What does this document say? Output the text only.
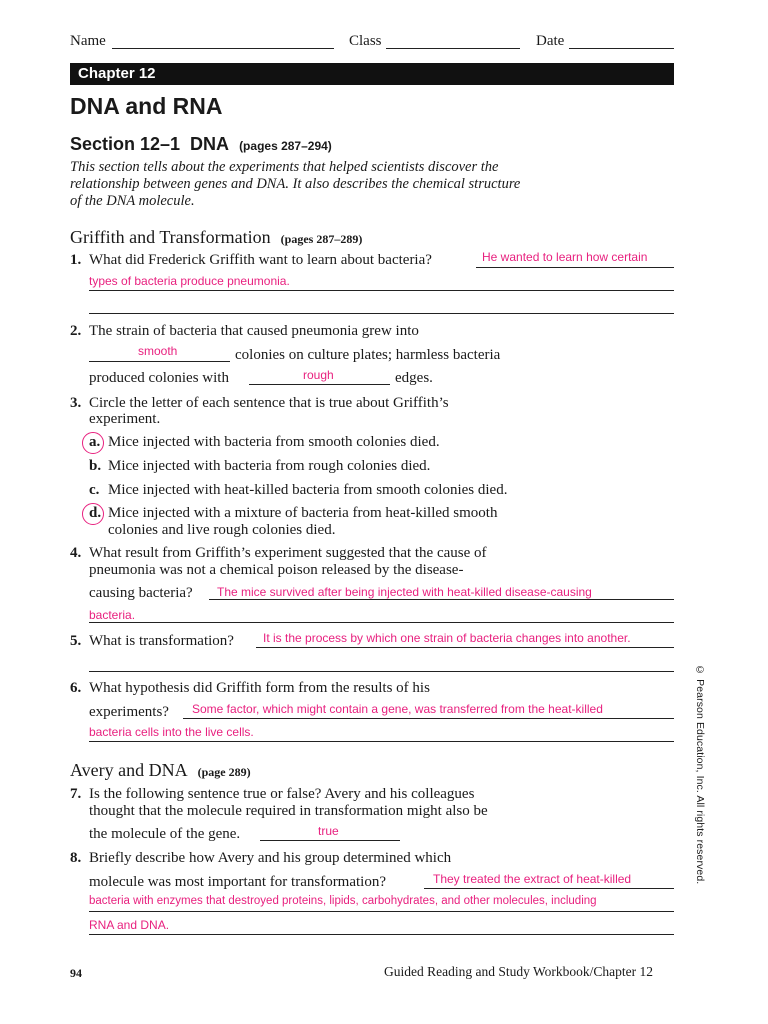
Name	Class	Date
Chapter 12
DNA and RNA
Section 12–1  DNA (pages 287–294)
This section tells about the experiments that helped scientists discover the
relationship between genes and DNA. It also describes the chemical structure
of the DNA molecule.
Griffith and Transformation (pages 287–289)
1. What did Frederick Griffith want to learn about bacteria?	He wanted to learn how certain
types of bacteria produce pneumonia.
2. The strain of bacteria that caused pneumonia grew into
smooth	colonies on culture plates; harmless bacteria
produced colonies with	rough	edges.
3. Circle the letter of each sentence that is true about Griffith’s
experiment.
a. Mice injected with bacteria from smooth colonies died.
b. Mice injected with bacteria from rough colonies died.
c. Mice injected with heat-killed bacteria from smooth colonies died.
d. Mice injected with a mixture of bacteria from heat-killed smooth
colonies and live rough colonies died.
4. What result from Griffith’s experiment suggested that the cause of
pneumonia was not a chemical poison released by the disease-
causing bacteria? The mice survived after being injected with heat-killed disease-causing
bacteria.
5. What is transformation? It is the process by which one strain of bacteria changes into another.
6. What hypothesis did Griffith form from the results of his
experiments? Some factor, which might contain a gene, was transferred from the heat-killed
bacteria cells into the live cells.
Avery and DNA (page 289)
7. Is the following sentence true or false? Avery and his colleagues
thought that the molecule required in transformation might also be
the molecule of the gene.	true
8. Briefly describe how Avery and his group determined which
molecule was most important for transformation?	They treated the extract of heat-killed
bacteria with enzymes that destroyed proteins, lipids, carbohydrates, and other molecules, including
RNA and DNA.
© Pearson Education, Inc. All rights reserved.
94	Guided Reading and Study Workbook/Chapter 12
